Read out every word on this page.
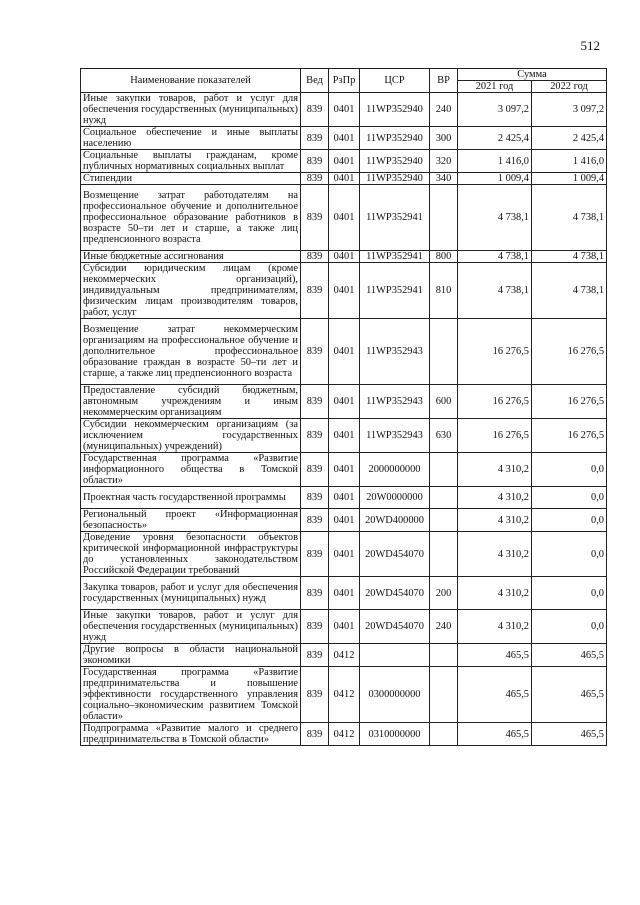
512
Наименование показателей	Вед	РзПр	ЦСР	ВР	Сумма	
					2021 год	2022 год
Иные закупки товаров, работ и услуг для обеспечения государственных (муниципальных) нужд	839	0401	11WP352940	240	3 097,2	3 097,2
Социальное обеспечение и иные выплаты населению	839	0401	11WP352940	300	2 425,4	2 425,4
Социальные выплаты гражданам, кроме публичных нормативных социальных выплат	839	0401	11WP352940	320	1 416,0	1 416,0
Стипендии	839	0401	11WP352940	340	1 009,4	1 009,4
Возмещение затрат работодателям на профессиональное обучение и дополнительное профессиональное образование работников в возрасте 50–ти лет и старше, а также лиц предпенсионного возраста	839	0401	11WP352941		4 738,1	4 738,1
Иные бюджетные ассигнования	839	0401	11WP352941	800	4 738,1	4 738,1
Субсидии юридическим лицам (кроме некоммерческих организаций), индивидуальным предпринимателям, физическим лицам производителям товаров, работ, услуг	839	0401	11WP352941	810	4 738,1	4 738,1
Возмещение затрат некоммерческим организациям на профессиональное обучение и дополнительное профессиональное образование граждан в возрасте 50–ти лет и старше, а также лиц предпенсионного возраста	839	0401	11WP352943		16 276,5	16 276,5
Предоставление субсидий бюджетным, автономным учреждениям и иным некоммерческим организациям	839	0401	11WP352943	600	16 276,5	16 276,5
Субсидии некоммерческим организациям (за исключением государственных (муниципальных) учреждений)	839	0401	11WP352943	630	16 276,5	16 276,5
Государственная программа «Развитие информационного общества в Томской области»	839	0401	2000000000		4 310,2	0,0
Проектная часть государственной программы	839	0401	20W0000000		4 310,2	0,0
Региональный проект «Информационная безопасность»	839	0401	20WD400000		4 310,2	0,0
Доведение уровня безопасности объектов критической информационной инфраструктуры до установленных законодательством Российской Федерации требований	839	0401	20WD454070		4 310,2	0,0
Закупка товаров, работ и услуг для обеспечения государственных (муниципальных) нужд	839	0401	20WD454070	200	4 310,2	0,0
Иные закупки товаров, работ и услуг для обеспечения государственных (муниципальных) нужд	839	0401	20WD454070	240	4 310,2	0,0
Другие вопросы в области национальной экономики	839	0412			465,5	465,5
Государственная программа «Развитие предпринимательства и повышение эффективности государственного управления социально–экономическим развитием Томской области»	839	0412	0300000000		465,5	465,5
Подпрограмма «Развитие малого и среднего предпринимательства в Томской области»	839	0412	0310000000		465,5	465,5
